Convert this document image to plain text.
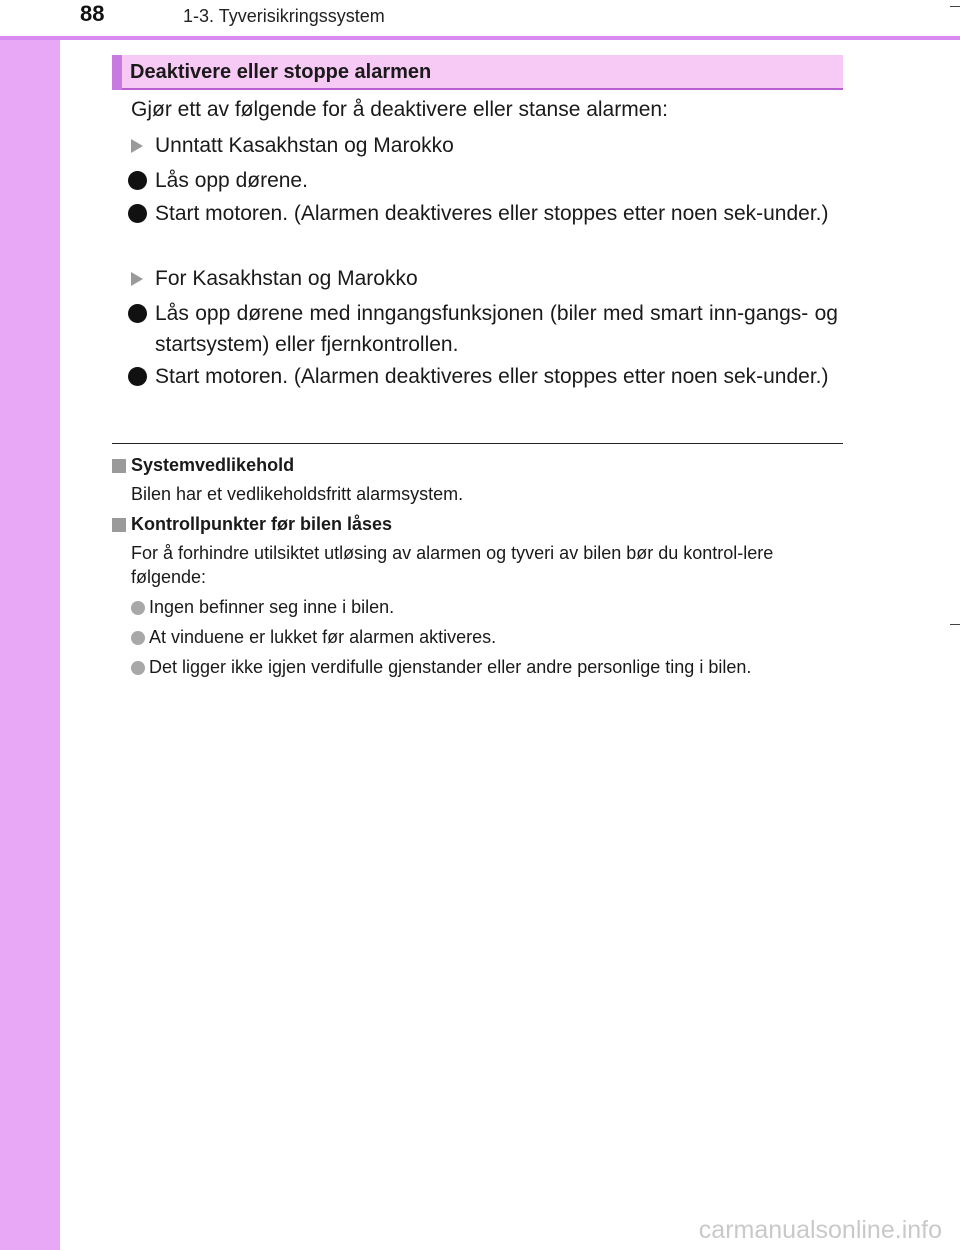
88	1-3. Tyverisikringssystem
Deaktivere eller stoppe alarmen
Gjør ett av følgende for å deaktivere eller stanse alarmen:
Unntatt Kasakhstan og Marokko
Lås opp dørene.
Start motoren. (Alarmen deaktiveres eller stoppes etter noen sek-under.)
For Kasakhstan og Marokko
Lås opp dørene med inngangsfunksjonen (biler med smart inn-gangs- og startsystem) eller fjernkontrollen.
Start motoren. (Alarmen deaktiveres eller stoppes etter noen sek-under.)
Systemvedlikehold
Bilen har et vedlikeholdsfritt alarmsystem.
Kontrollpunkter før bilen låses
For å forhindre utilsiktet utløsing av alarmen og tyveri av bilen bør du kontrol-lere følgende:
Ingen befinner seg inne i bilen.
At vinduene er lukket før alarmen aktiveres.
Det ligger ikke igjen verdifulle gjenstander eller andre personlige ting i bilen.
carmanualsonline.info
